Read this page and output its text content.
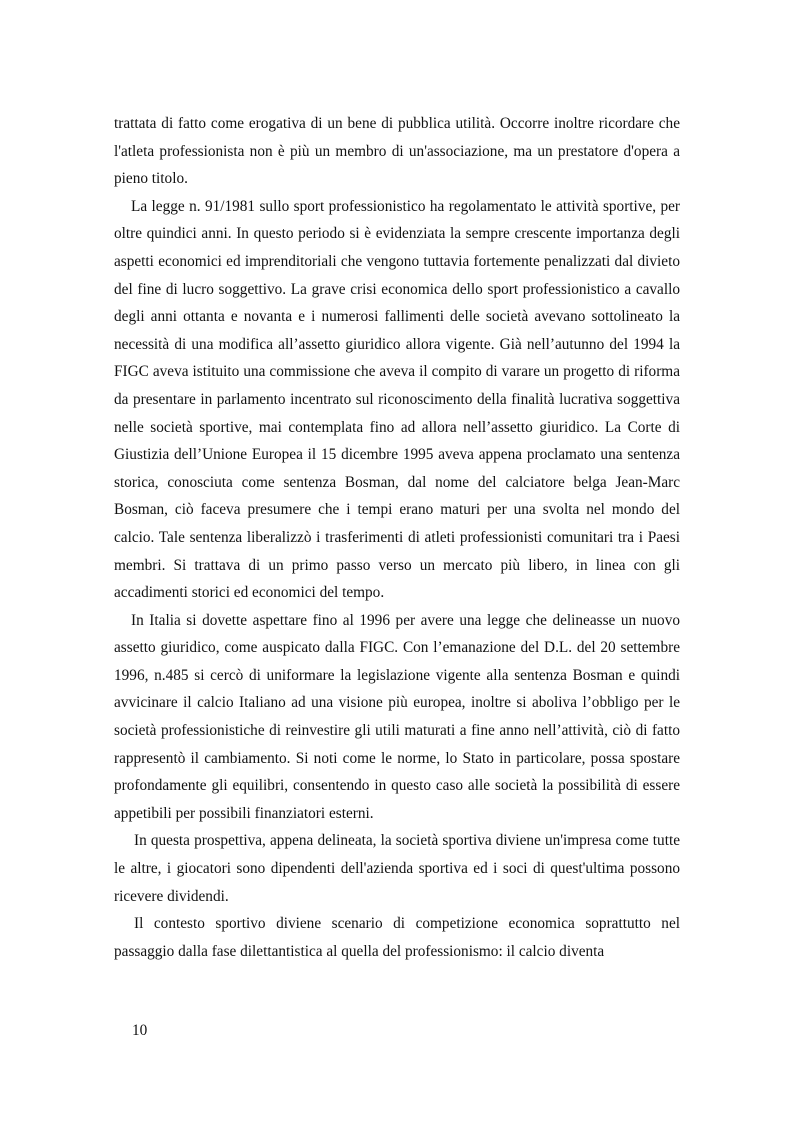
trattata di fatto come erogativa di un bene di pubblica utilità. Occorre inoltre ricordare che l'atleta professionista non è più un membro di un'associazione, ma un prestatore d'opera a pieno titolo.

La legge n. 91/1981 sullo sport professionistico ha regolamentato le attività sportive, per oltre quindici anni. In questo periodo si è evidenziata la sempre crescente importanza degli aspetti economici ed imprenditoriali che vengono tuttavia fortemente penalizzati dal divieto del fine di lucro soggettivo. La grave crisi economica dello sport professionistico a cavallo degli anni ottanta e novanta e i numerosi fallimenti delle società avevano sottolineato la necessità di una modifica all’assetto giuridico allora vigente. Già nell’autunno del 1994 la FIGC aveva istituito una commissione che aveva il compito di varare un progetto di riforma da presentare in parlamento incentrato sul riconoscimento della finalità lucrativa soggettiva nelle società sportive, mai contemplata fino ad allora nell’assetto giuridico. La Corte di Giustizia dell’Unione Europea il 15 dicembre 1995 aveva appena proclamato una sentenza storica, conosciuta come sentenza Bosman, dal nome del calciatore belga Jean-Marc Bosman, ciò faceva presumere che i tempi erano maturi per una svolta nel mondo del calcio. Tale sentenza liberalizzò i trasferimenti di atleti professionisti comunitari tra i Paesi membri. Si trattava di un primo passo verso un mercato più libero, in linea con gli accadimenti storici ed economici del tempo.

In Italia si dovette aspettare fino al 1996 per avere una legge che delineasse un nuovo assetto giuridico, come auspicato dalla FIGC. Con l’emanazione del D.L. del 20 settembre 1996, n.485 si cercò di uniformare la legislazione vigente alla sentenza Bosman e quindi avvicinare il calcio Italiano ad una visione più europea, inoltre si aboliva l’obbligo per le società professionistiche di reinvestire gli utili maturati a fine anno nell’attività, ciò di fatto rappresentò il cambiamento. Si noti come le norme, lo Stato in particolare, possa spostare profondamente gli equilibri, consentendo in questo caso alle società la possibilità di essere appetibili per possibili finanziatori esterni.

In questa prospettiva, appena delineata, la società sportiva diviene un'impresa come tutte le altre, i giocatori sono dipendenti dell'azienda sportiva ed i soci di quest'ultima possono ricevere dividendi.

Il contesto sportivo diviene scenario di competizione economica soprattutto nel passaggio dalla fase dilettantistica al quella del professionismo: il calcio diventa

10
